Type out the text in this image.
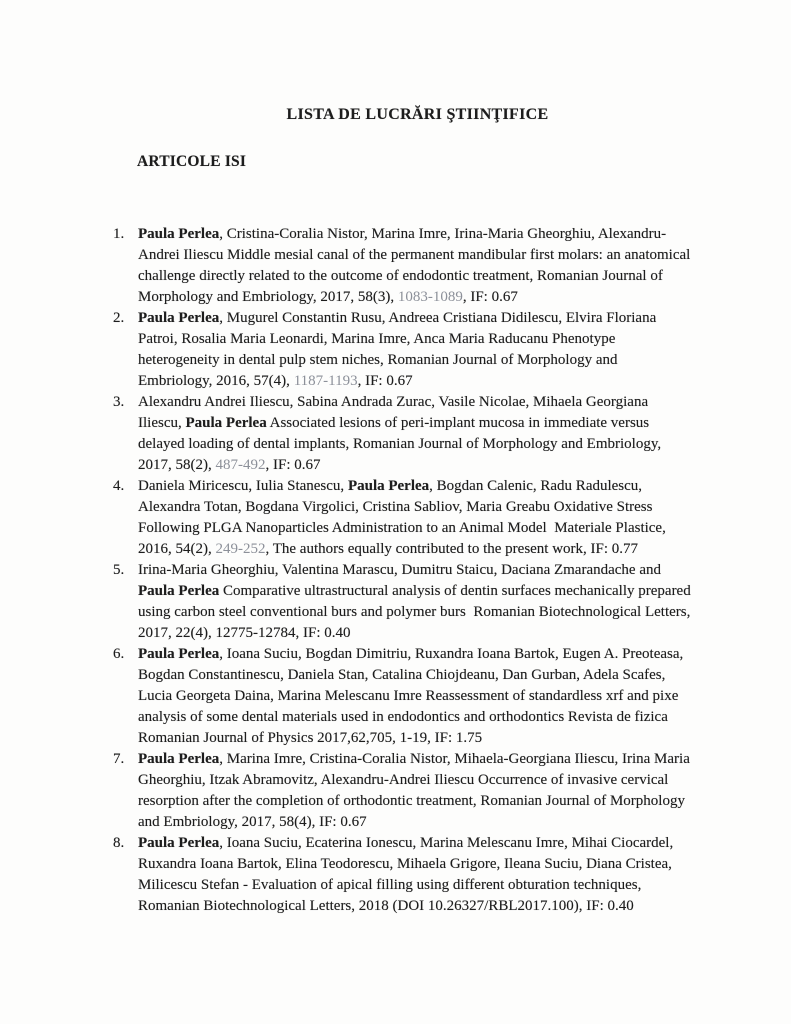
LISTA DE LUCRĂRI ŞTIINŢIFICE
ARTICOLE ISI
1. Paula Perlea, Cristina-Coralia Nistor, Marina Imre, Irina-Maria Gheorghiu, Alexandru-Andrei Iliescu Middle mesial canal of the permanent mandibular first molars: an anatomical challenge directly related to the outcome of endodontic treatment, Romanian Journal of Morphology and Embriology, 2017, 58(3), 1083-1089, IF: 0.67
2. Paula Perlea, Mugurel Constantin Rusu, Andreea Cristiana Didilescu, Elvira Floriana Patroi, Rosalia Maria Leonardi, Marina Imre, Anca Maria Raducanu Phenotype heterogeneity in dental pulp stem niches, Romanian Journal of Morphology and Embriology, 2016, 57(4), 1187-1193, IF: 0.67
3. Alexandru Andrei Iliescu, Sabina Andrada Zurac, Vasile Nicolae, Mihaela Georgiana Iliescu, Paula Perlea Associated lesions of peri-implant mucosa in immediate versus delayed loading of dental implants, Romanian Journal of Morphology and Embriology, 2017, 58(2), 487-492, IF: 0.67
4. Daniela Miricescu, Iulia Stanescu, Paula Perlea, Bogdan Calenic, Radu Radulescu, Alexandra Totan, Bogdana Virgolici, Cristina Sabliov, Maria Greabu Oxidative Stress Following PLGA Nanoparticles Administration to an Animal Model  Materiale Plastice, 2016, 54(2), 249-252, The authors equally contributed to the present work, IF: 0.77
5. Irina-Maria Gheorghiu, Valentina Marascu, Dumitru Staicu, Daciana Zmarandache and Paula Perlea Comparative ultrastructural analysis of dentin surfaces mechanically prepared using carbon steel conventional burs and polymer burs  Romanian Biotechnological Letters, 2017, 22(4), 12775-12784, IF: 0.40
6. Paula Perlea, Ioana Suciu, Bogdan Dimitriu, Ruxandra Ioana Bartok, Eugen A. Preoteasa, Bogdan Constantinescu, Daniela Stan, Catalina Chiojdeanu, Dan Gurban, Adela Scafes, Lucia Georgeta Daina, Marina Melescanu Imre Reassessment of standardless xrf and pixe analysis of some dental materials used in endodontics and orthodontics Revista de fizica Romanian Journal of Physics 2017,62,705, 1-19, IF: 1.75
7. Paula Perlea, Marina Imre, Cristina-Coralia Nistor, Mihaela-Georgiana Iliescu, Irina Maria Gheorghiu, Itzak Abramovitz, Alexandru-Andrei Iliescu Occurrence of invasive cervical resorption after the completion of orthodontic treatment, Romanian Journal of Morphology and Embriology, 2017, 58(4), IF: 0.67
8. Paula Perlea, Ioana Suciu, Ecaterina Ionescu, Marina Melescanu Imre, Mihai Ciocardel, Ruxandra Ioana Bartok, Elina Teodorescu, Mihaela Grigore, Ileana Suciu, Diana Cristea, Milicescu Stefan - Evaluation of apical filling using different obturation techniques, Romanian Biotechnological Letters, 2018 (DOI 10.26327/RBL2017.100), IF: 0.40
